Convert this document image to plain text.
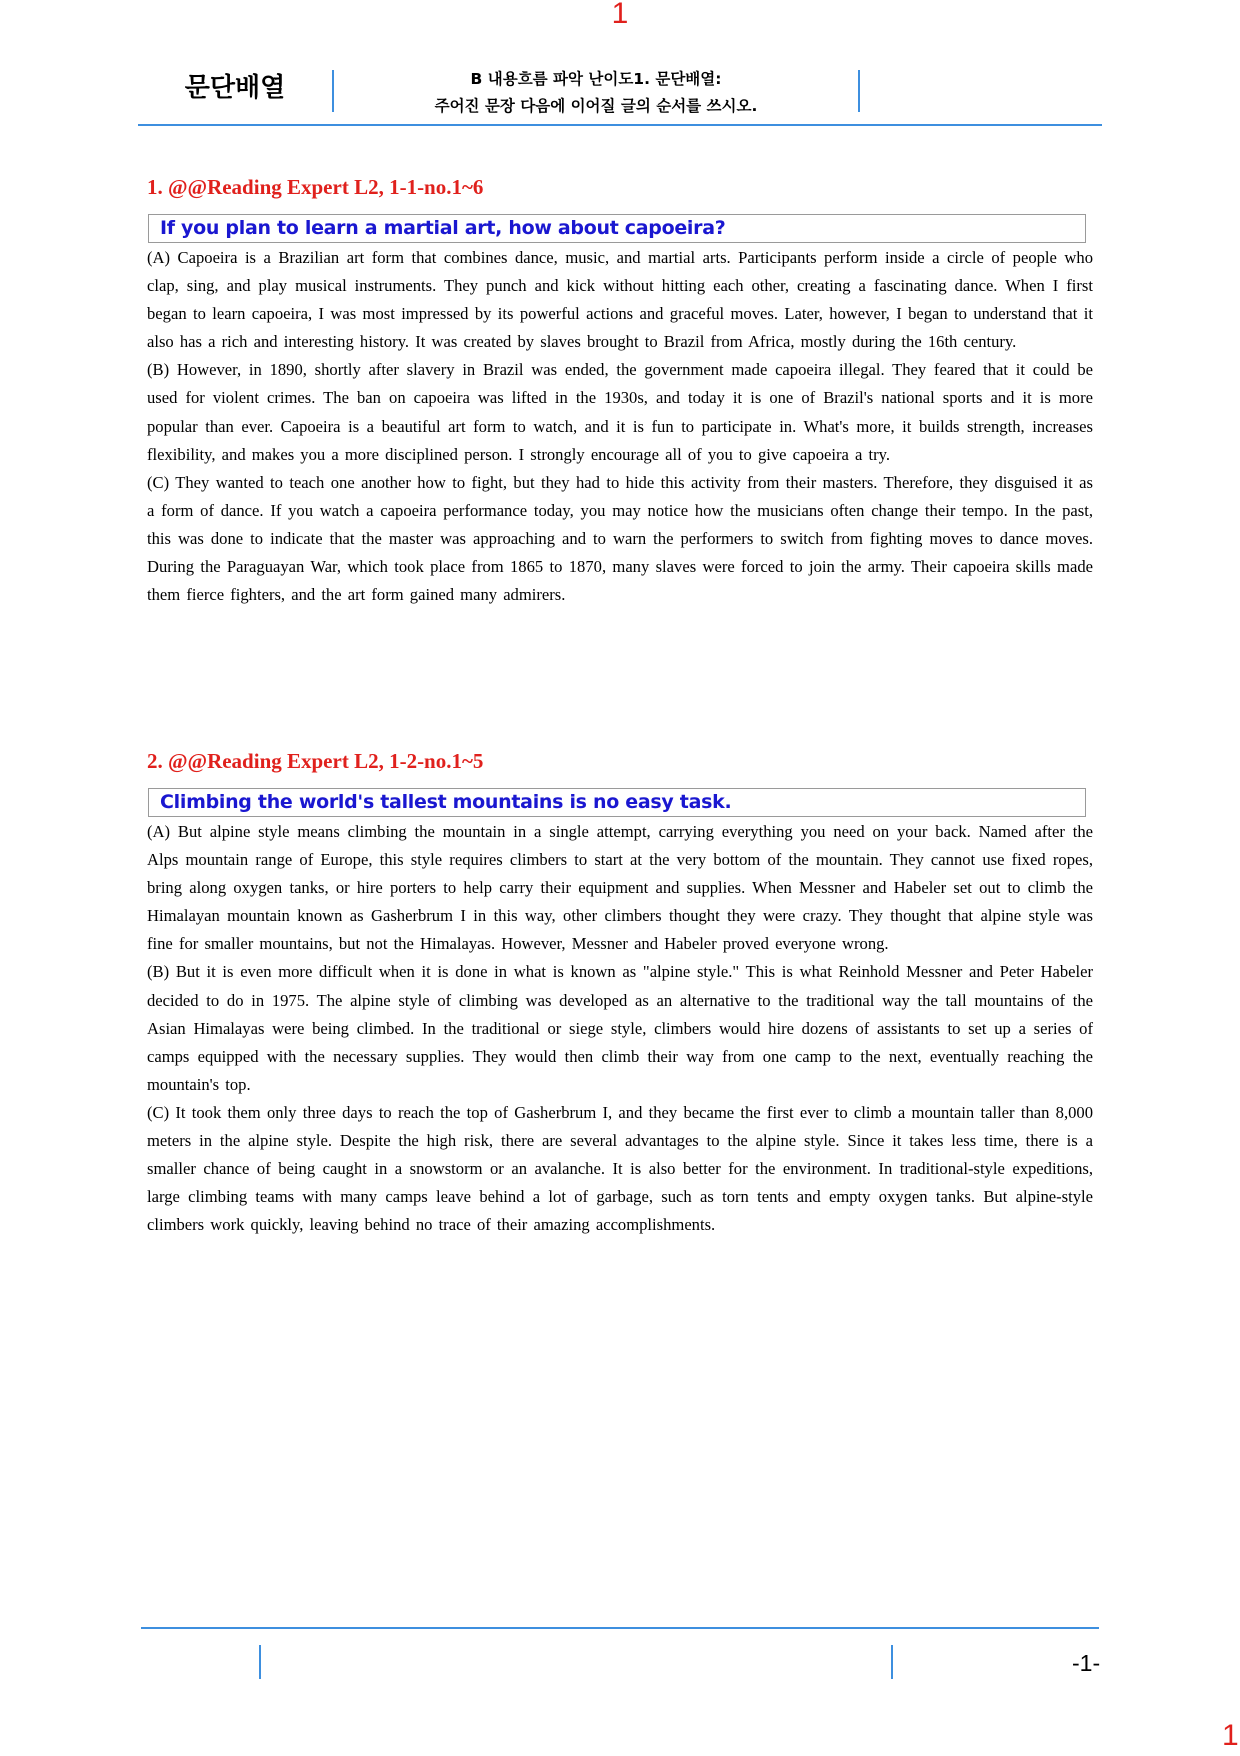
1
문단배열	B 내용흐름 파악 난이도1. 문단배열:
주어진 문장 다음에 이어질 글의 순서를 쓰시오.
1. @@Reading Expert L2, 1-1-no.1~6
If you plan to learn a martial art, how about capoeira?

(A) Capoeira is a Brazilian art form that combines dance, music, and martial arts. Participants perform inside a circle of people who clap, sing, and play musical instruments. They punch and kick without hitting each other, creating a fascinating dance. When I first began to learn capoeira, I was most impressed by its powerful actions and graceful moves. Later, however, I began to understand that it also has a rich and interesting history. It was created by slaves brought to Brazil from Africa, mostly during the 16th century.

(B) However, in 1890, shortly after slavery in Brazil was ended, the government made capoeira illegal. They feared that it could be used for violent crimes. The ban on capoeira was lifted in the 1930s, and today it is one of Brazil's national sports and it is more popular than ever. Capoeira is a beautiful art form to watch, and it is fun to participate in. What's more, it builds strength, increases flexibility, and makes you a more disciplined person. I strongly encourage all of you to give capoeira a try.

(C) They wanted to teach one another how to fight, but they had to hide this activity from their masters. Therefore, they disguised it as a form of dance. If you watch a capoeira performance today, you may notice how the musicians often change their tempo. In the past, this was done to indicate that the master was approaching and to warn the performers to switch from fighting moves to dance moves. During the Paraguayan War, which took place from 1865 to 1870, many slaves were forced to join the army. Their capoeira skills made them fierce fighters, and the art form gained many admirers.

2. @@Reading Expert L2, 1-2-no.1~5
Climbing the world's tallest mountains is no easy task.

(A) But alpine style means climbing the mountain in a single attempt, carrying everything you need on your back. Named after the Alps mountain range of Europe, this style requires climbers to start at the very bottom of the mountain. They cannot use fixed ropes, bring along oxygen tanks, or hire porters to help carry their equipment and supplies. When Messner and Habeler set out to climb the Himalayan mountain known as Gasherbrum I in this way, other climbers thought they were crazy. They thought that alpine style was fine for smaller mountains, but not the Himalayas. However, Messner and Habeler proved everyone wrong.

(B) But it is even more difficult when it is done in what is known as "alpine style." This is what Reinhold Messner and Peter Habeler decided to do in 1975. The alpine style of climbing was developed as an alternative to the traditional way the tall mountains of the Asian Himalayas were being climbed. In the traditional or siege style, climbers would hire dozens of assistants to set up a series of camps equipped with the necessary supplies. They would then climb their way from one camp to the next, eventually reaching the mountain's top.

(C) It took them only three days to reach the top of Gasherbrum I, and they became the first ever to climb a mountain taller than 8,000 meters in the alpine style. Despite the high risk, there are several advantages to the alpine style. Since it takes less time, there is a smaller chance of being caught in a snowstorm or an avalanche. It is also better for the environment. In traditional-style expeditions, large climbing teams with many camps leave behind a lot of garbage, such as torn tents and empty oxygen tanks. But alpine-style climbers work quickly, leaving behind no trace of their amazing accomplishments.

-1-
1
